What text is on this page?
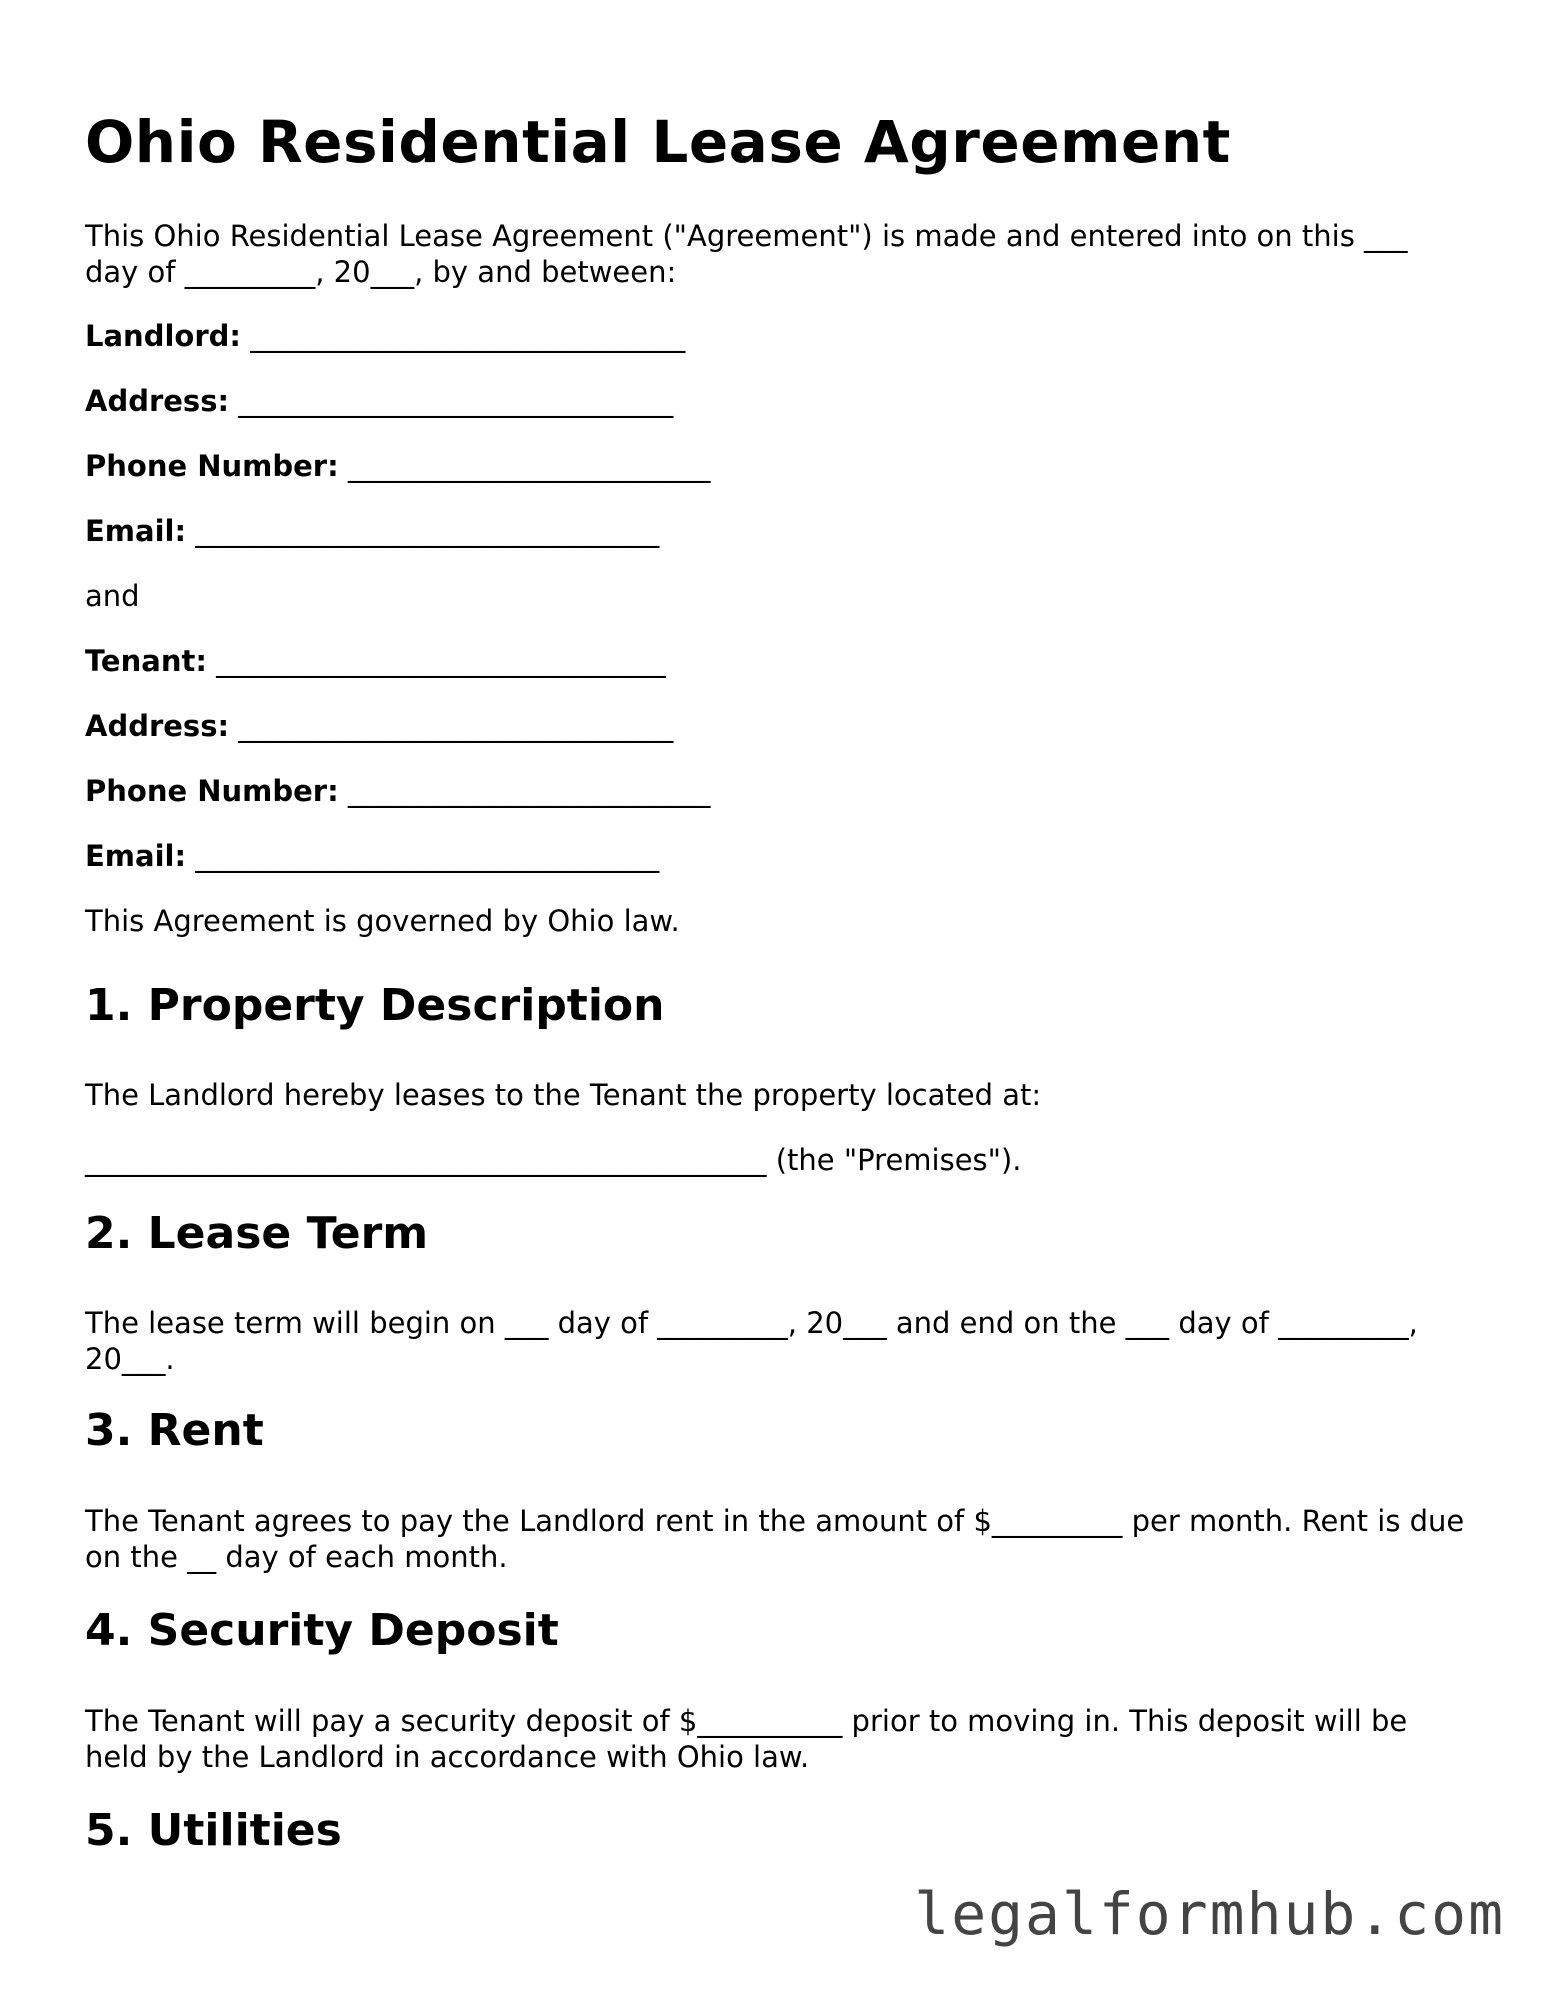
Ohio Residential Lease Agreement

This Ohio Residential Lease Agreement ("Agreement") is made and entered into on this ___ day of _________, 20___, by and between:

Landlord: ______________________________

Address: ______________________________

Phone Number: _________________________

Email: ________________________________

and

Tenant: _______________________________

Address: ______________________________

Phone Number: _________________________

Email: ________________________________

This Agreement is governed by Ohio law.

1. Property Description

The Landlord hereby leases to the Tenant the property located at:

_______________________________________________ (the "Premises").

2. Lease Term

The lease term will begin on ___ day of _________, 20___ and end on the ___ day of _________, 20___.

3. Rent

The Tenant agrees to pay the Landlord rent in the amount of $_________ per month. Rent is due on the __ day of each month.

4. Security Deposit

The Tenant will pay a security deposit of $__________ prior to moving in. This deposit will be held by the Landlord in accordance with Ohio law.

5. Utilities
legalformhub.com
